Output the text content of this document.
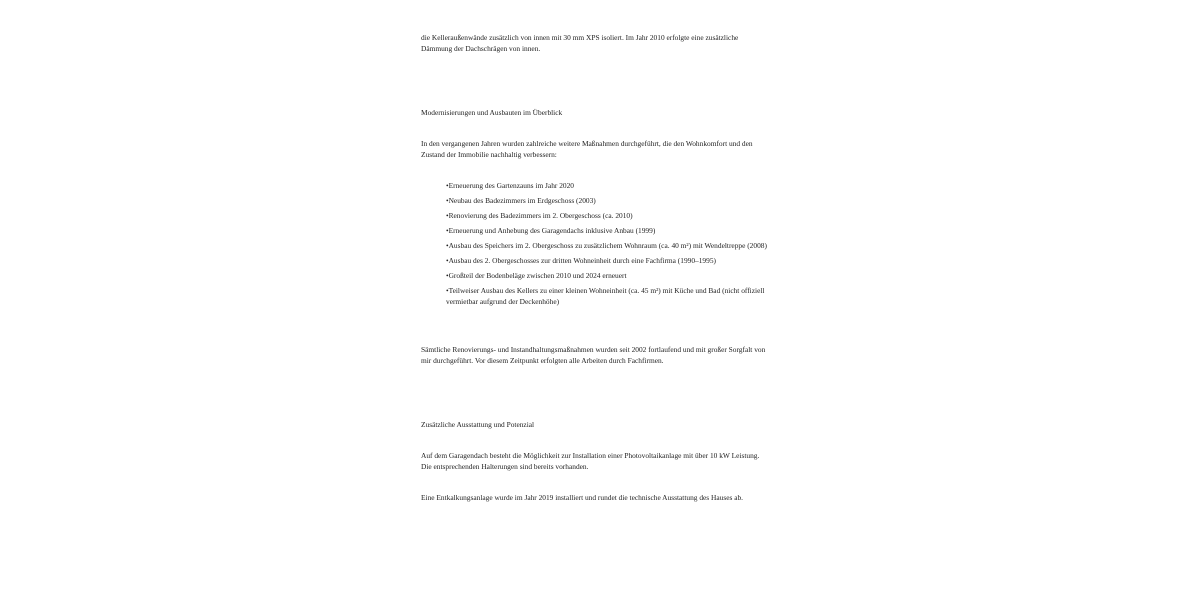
die Kelleraußenwände zusätzlich von innen mit 30 mm XPS isoliert. Im Jahr 2010 erfolgte eine zusätzliche Dämmung der Dachschrägen von innen.

Modernisierungen und Ausbauten im Überblick

In den vergangenen Jahren wurden zahlreiche weitere Maßnahmen durchgeführt, die den Wohnkomfort und den Zustand der Immobilie nachhaltig verbessern:

•Erneuerung des Gartenzauns im Jahr 2020
•Neubau des Badezimmers im Erdgeschoss (2003)
•Renovierung des Badezimmers im 2. Obergeschoss (ca. 2010)
•Erneuerung und Anhebung des Garagendachs inklusive Anbau (1999)
•Ausbau des Speichers im 2. Obergeschoss zu zusätzlichem Wohnraum (ca. 40 m²) mit Wendeltreppe (2008)
•Ausbau des 2. Obergeschosses zur dritten Wohneinheit durch eine Fachfirma (1990–1995)
•Großteil der Bodenbeläge zwischen 2010 und 2024 erneuert
•Teilweiser Ausbau des Kellers zu einer kleinen Wohneinheit (ca. 45 m²) mit Küche und Bad (nicht offiziell vermietbar aufgrund der Deckenhöhe)

Sämtliche Renovierungs- und Instandhaltungsmaßnahmen wurden seit 2002 fortlaufend und mit großer Sorgfalt von mir durchgeführt. Vor diesem Zeitpunkt erfolgten alle Arbeiten durch Fachfirmen.

Zusätzliche Ausstattung und Potenzial

Auf dem Garagendach besteht die Möglichkeit zur Installation einer Photovoltaikanlage mit über 10 kW Leistung. Die entsprechenden Halterungen sind bereits vorhanden.

Eine Entkalkungsanlage wurde im Jahr 2019 installiert und rundet die technische Ausstattung des Hauses ab.
